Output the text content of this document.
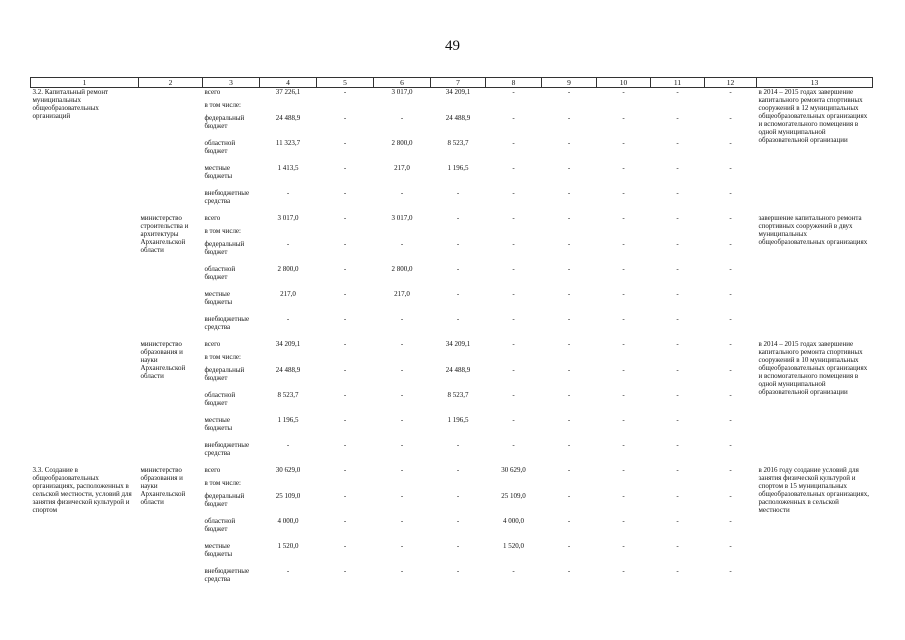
49
1	2	3	4	5	6	7	8	9	10	11	12	13
3.2. Капитальный ремонт муниципальных общеобразовательных организаций		всего	37 226,1	-	3 017,0	34 209,1	-	-	-	-	-	в 2014 – 2015 годах завершение капитального ремонта спортивных сооружений в 12 муниципальных общеобразовательных организациях и вспомогательного помещения в одной муниципальной образовательной организации
		в том числе:										
		федеральный бюджет	24 488,9	-	-	24 488,9	-	-	-	-	-	
		областной бюджет	11 323,7	-	2 800,0	8 523,7	-	-	-	-	-	
		местные бюджеты	1 413,5	-	217,0	1 196,5	-	-	-	-	-	
		внебюджетные средства	-	-	-	-	-	-	-	-	-	
	министерство строительства и архитектуры Архангельской области	всего	3 017,0	-	3 017,0	-	-	-	-	-	-	завершение капитального ремонта спортивных сооружений в двух муниципальных общеобразовательных организациях
		в том числе:										
		федеральный бюджет	-	-	-	-	-	-	-	-	-	
		областной бюджет	2 800,0	-	2 800,0	-	-	-	-	-	-	
		местные бюджеты	217,0	-	217,0	-	-	-	-	-	-	
		внебюджетные средства	-	-	-	-	-	-	-	-	-	
	министерство образования и науки Архангельской области	всего	34 209,1	-	-	34 209,1	-	-	-	-	-	в 2014 – 2015 годах завершение капитального ремонта спортивных сооружений в 10 муниципальных общеобразовательных организациях и вспомогательного помещения в одной муниципальной образовательной организации
		в том числе:										
		федеральный бюджет	24 488,9	-	-	24 488,9	-	-	-	-	-	
		областной бюджет	8 523,7	-	-	8 523,7	-	-	-	-	-	
		местные бюджеты	1 196,5	-	-	1 196,5	-	-	-	-	-	
		внебюджетные средства	-	-	-	-	-	-	-	-	-	
3.3. Создание в общеобразовательных организациях, расположенных в сельской местности, условий для занятия физической культурой и спортом	министерство образования и науки Архангельской области	всего	30 629,0	-	-	-	30 629,0	-	-	-	-	в 2016 году создание условий для занятия физической культурой и спортом в 15 муниципальных общеобразовательных организациях, расположенных в сельской местности
		в том числе:										
		федеральный бюджет	25 109,0	-	-	-	25 109,0	-	-	-	-	
		областной бюджет	4 000,0	-	-	-	4 000,0	-	-	-	-	
		местные бюджеты	1 520,0	-	-	-	1 520,0	-	-	-	-	
		внебюджетные средства	-	-	-	-	-	-	-	-	-	
